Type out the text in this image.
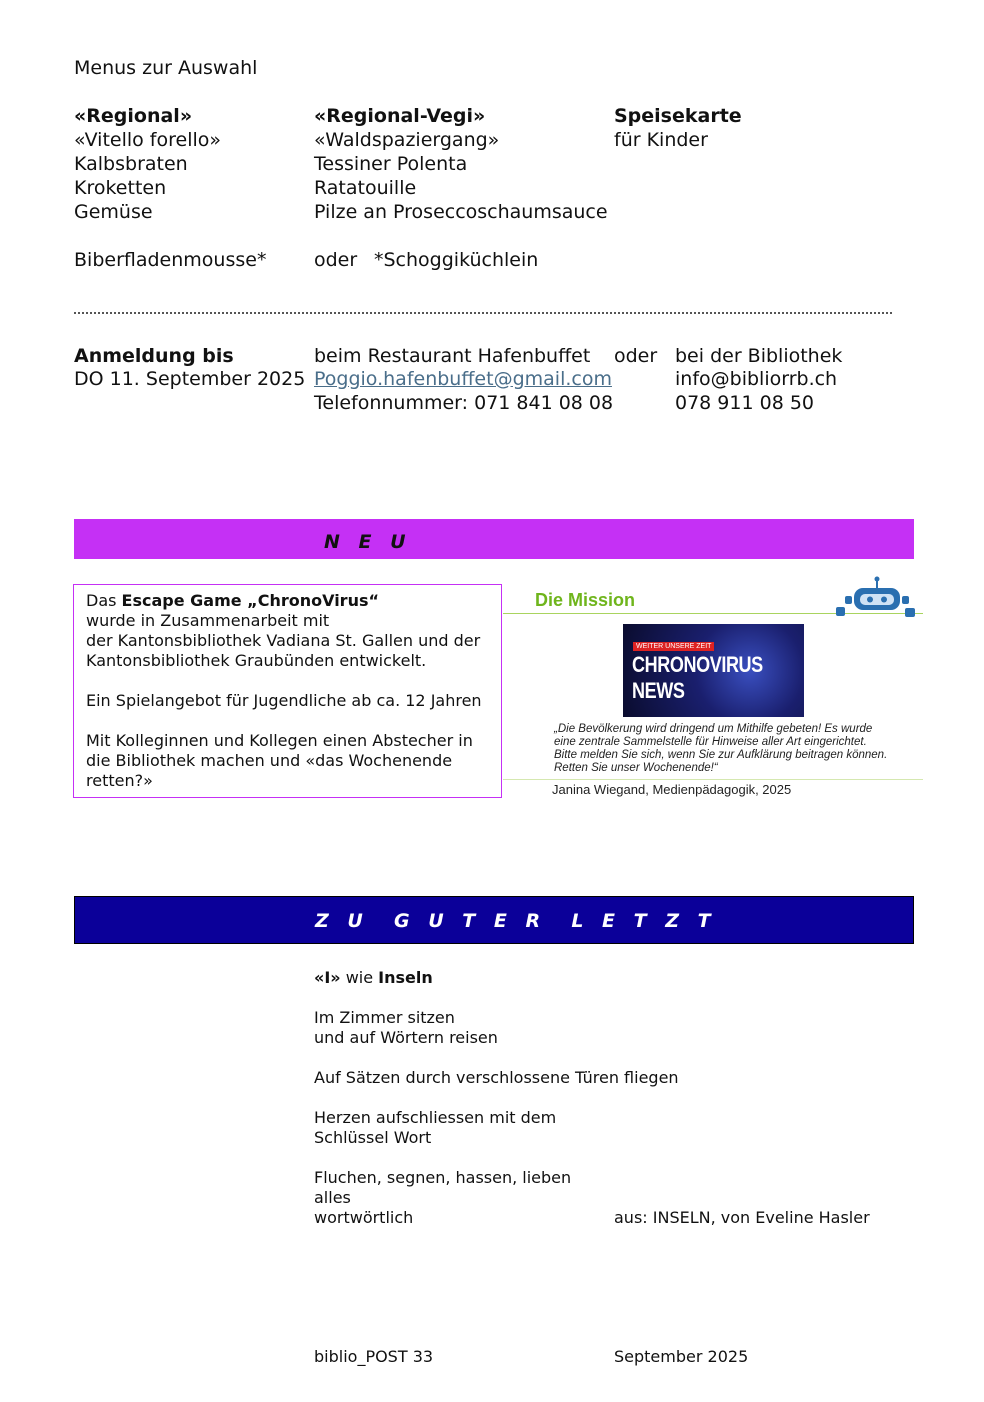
Menus zur Auswahl
«Regional»
«Vitello forello»
Kalbsbraten
Kroketten
Gemüse
Biberfladenmousse*
«Regional-Vegi»
«Waldspaziergang»
Tessiner Polenta
Ratatouille
Pilze an Proseccoschaumsauce
oder *Schoggiküchlein
Speisekarte
für Kinder
Anmeldung bis
DO 11. September 2025
beim Restaurant Hafenbuffet
Poggio.hafenbuffet@gmail.com
Telefonnummer: 071 841 08 08
oder bei der Bibliothek
info@bibliorrb.ch
078 911 08 50
N E U
Das Escape Game „ChronoVirus“
wurde in Zusammenarbeit mit
der Kantonsbibliothek Vadiana St. Gallen und der
Kantonsbibliothek Graubünden entwickelt.
Ein Spielangebot für Jugendliche ab ca. 12 Jahren
Mit Kolleginnen und Kollegen einen Abstecher in
die Bibliothek machen und «das Wochenende
retten?»
Die Mission
WEITER UNSERE ZEIT
CHRONOVIRUS
NEWS
„Die Bevölkerung wird dringend um Mithilfe gebeten! Es wurde
eine zentrale Sammelstelle für Hinweise aller Art eingerichtet.
Bitte melden Sie sich, wenn Sie zur Aufklärung beitragen können.
Retten Sie unser Wochenende!“
Janina Wiegand, Medienpädagogik, 2025
Z U  G U T E R  L E T Z T
«I» wie Inseln
Im Zimmer sitzen
und auf Wörtern reisen
Auf Sätzen durch verschlossene Türen fliegen
Herzen aufschliessen mit dem
Schlüssel Wort
Fluchen, segnen, hassen, lieben
alles
wortwörtlich	aus: INSELN, von Eveline Hasler
biblio_POST 33	September 2025
